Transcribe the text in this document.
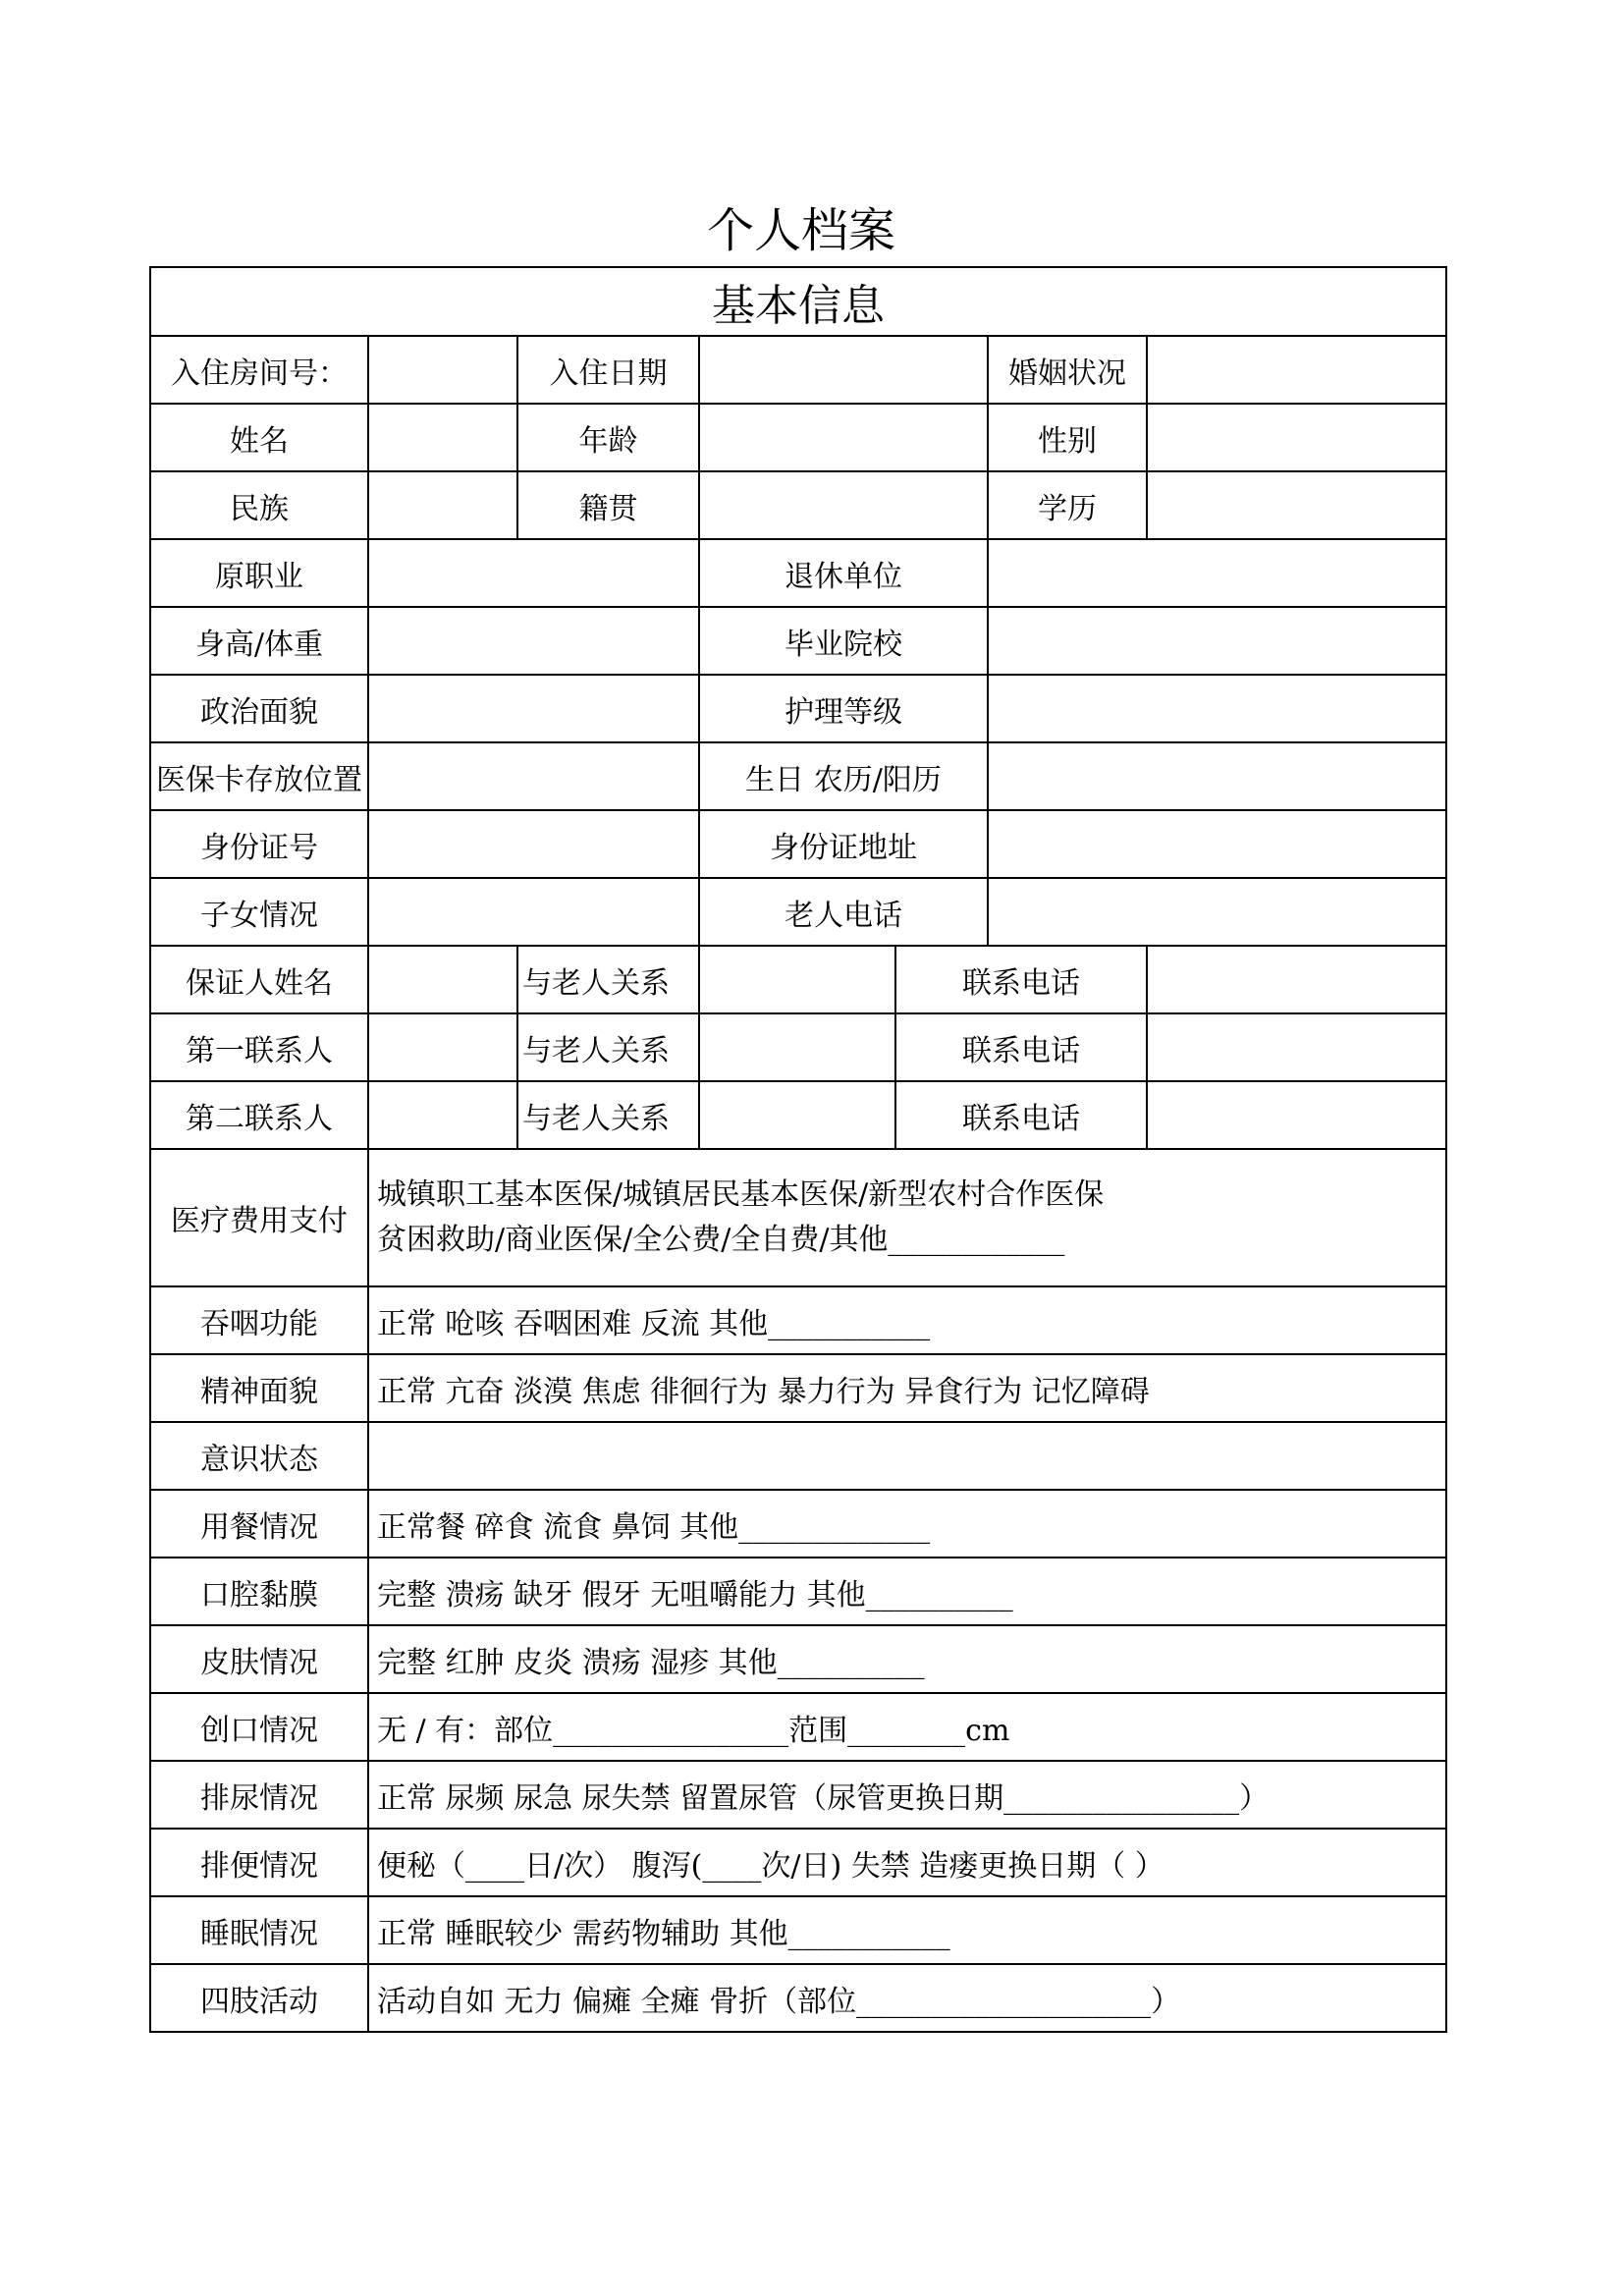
个人档案
基本信息						
入住房间号：		入住日期			婚姻状况	
姓名		年龄			性别	
民族		籍贯			学历	
原职业			退休单位			
身高/体重			毕业院校			
政治面貌			护理等级			
医保卡存放位置			生日 农历/阳历			
身份证号			身份证地址			
子女情况			老人电话			
保证人姓名		与老人关系		联系电话		
第一联系人		与老人关系		联系电话		
第二联系人		与老人关系		联系电话		
医疗费用支付	城镇职工基本医保/城镇居民基本医保/新型农村合作医保
贫困救助/商业医保/全公费/全自费/其他____________					

吞咽功能	正常 呛咳 吞咽困难 反流 其他___________					
精神面貌	正常 亢奋 淡漠 焦虑 徘徊行为 暴力行为 异食行为 记忆障碍					
意识状态						
用餐情况	正常餐 碎食 流食 鼻饲 其他_____________					
口腔黏膜	完整 溃疡 缺牙 假牙 无咀嚼能力 其他__________					
皮肤情况	完整 红肿 皮炎 溃疡 湿疹 其他__________					
创口情况	无 / 有：部位________________范围________cm					
排尿情况	正常 尿频 尿急 尿失禁 留置尿管（尿管更换日期________________）					
排便情况	便秘（____日/次） 腹泻(____次/日) 失禁 造瘘更换日期（ ）					
睡眠情况	正常 睡眠较少 需药物辅助 其他___________					
四肢活动	活动自如 无力 偏瘫 全瘫 骨折（部位____________________）					
